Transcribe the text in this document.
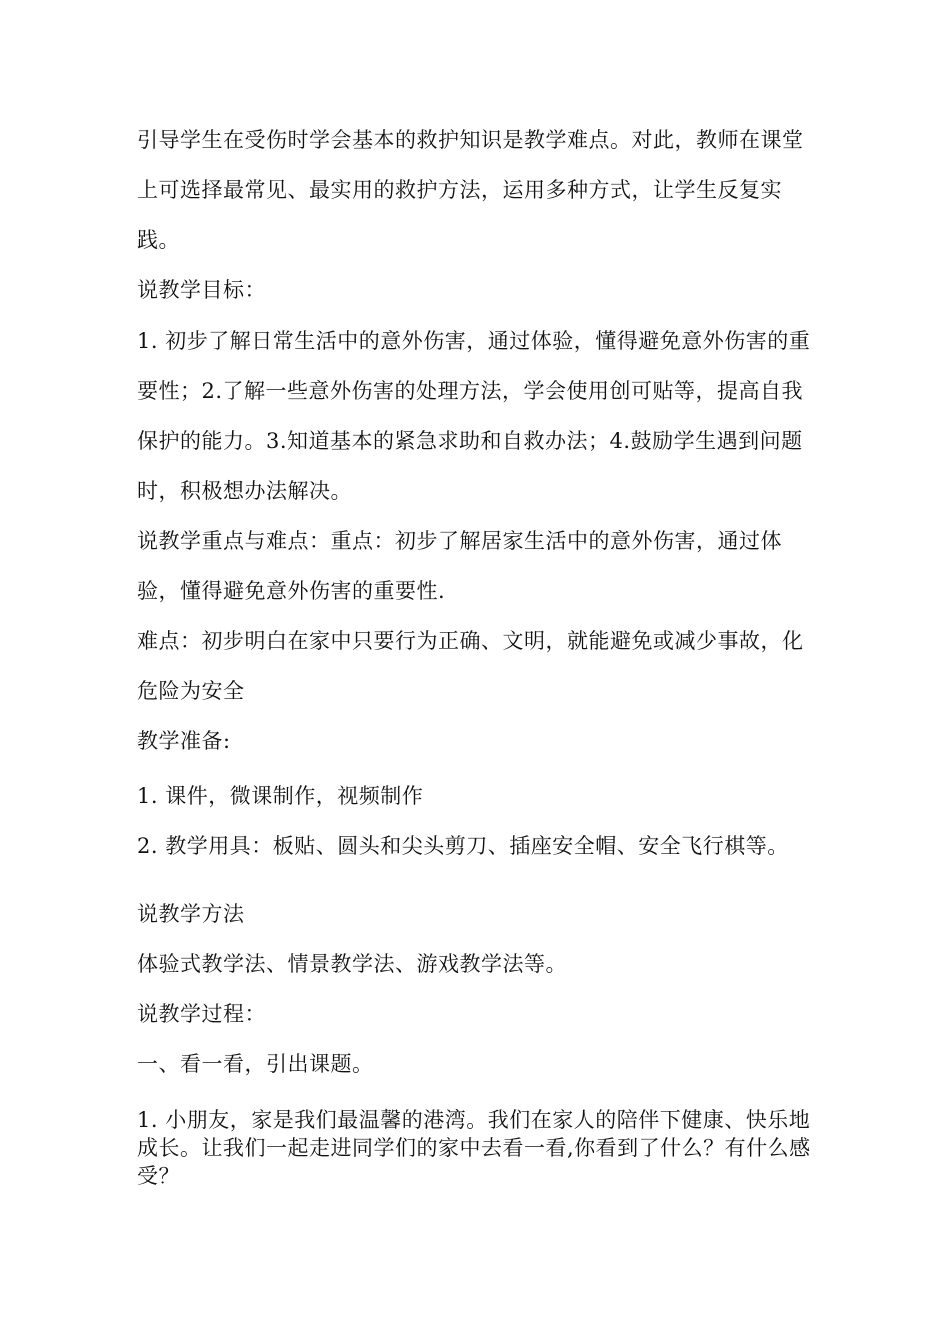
引导学生在受伤时学会基本的救护知识是教学难点。对此，教师在课堂上可选择最常见、最实用的救护方法，运用多种方式，让学生反复实践。

说教学目标：

1. 初步了解日常生活中的意外伤害，通过体验，懂得避免意外伤害的重要性；2.了解一些意外伤害的处理方法，学会使用创可贴等，提高自我保护的能力。3.知道基本的紧急求助和自救办法；4.鼓励学生遇到问题时，积极想办法解决。

说教学重点与难点：重点：初步了解居家生活中的意外伤害，通过体验，懂得避免意外伤害的重要性.

难点：初步明白在家中只要行为正确、文明，就能避免或减少事故，化危险为安全

教学准备:

1. 课件，微课制作，视频制作

2. 教学用具：板贴、圆头和尖头剪刀、插座安全帽、安全飞行棋等。

说教学方法

体验式教学法、情景教学法、游戏教学法等。

说教学过程：

一、看一看，引出课题。

1. 小朋友，家是我们最温馨的港湾。我们在家人的陪伴下健康、快乐地成长。让我们一起走进同学们的家中去看一看,你看到了什么？有什么感受？
